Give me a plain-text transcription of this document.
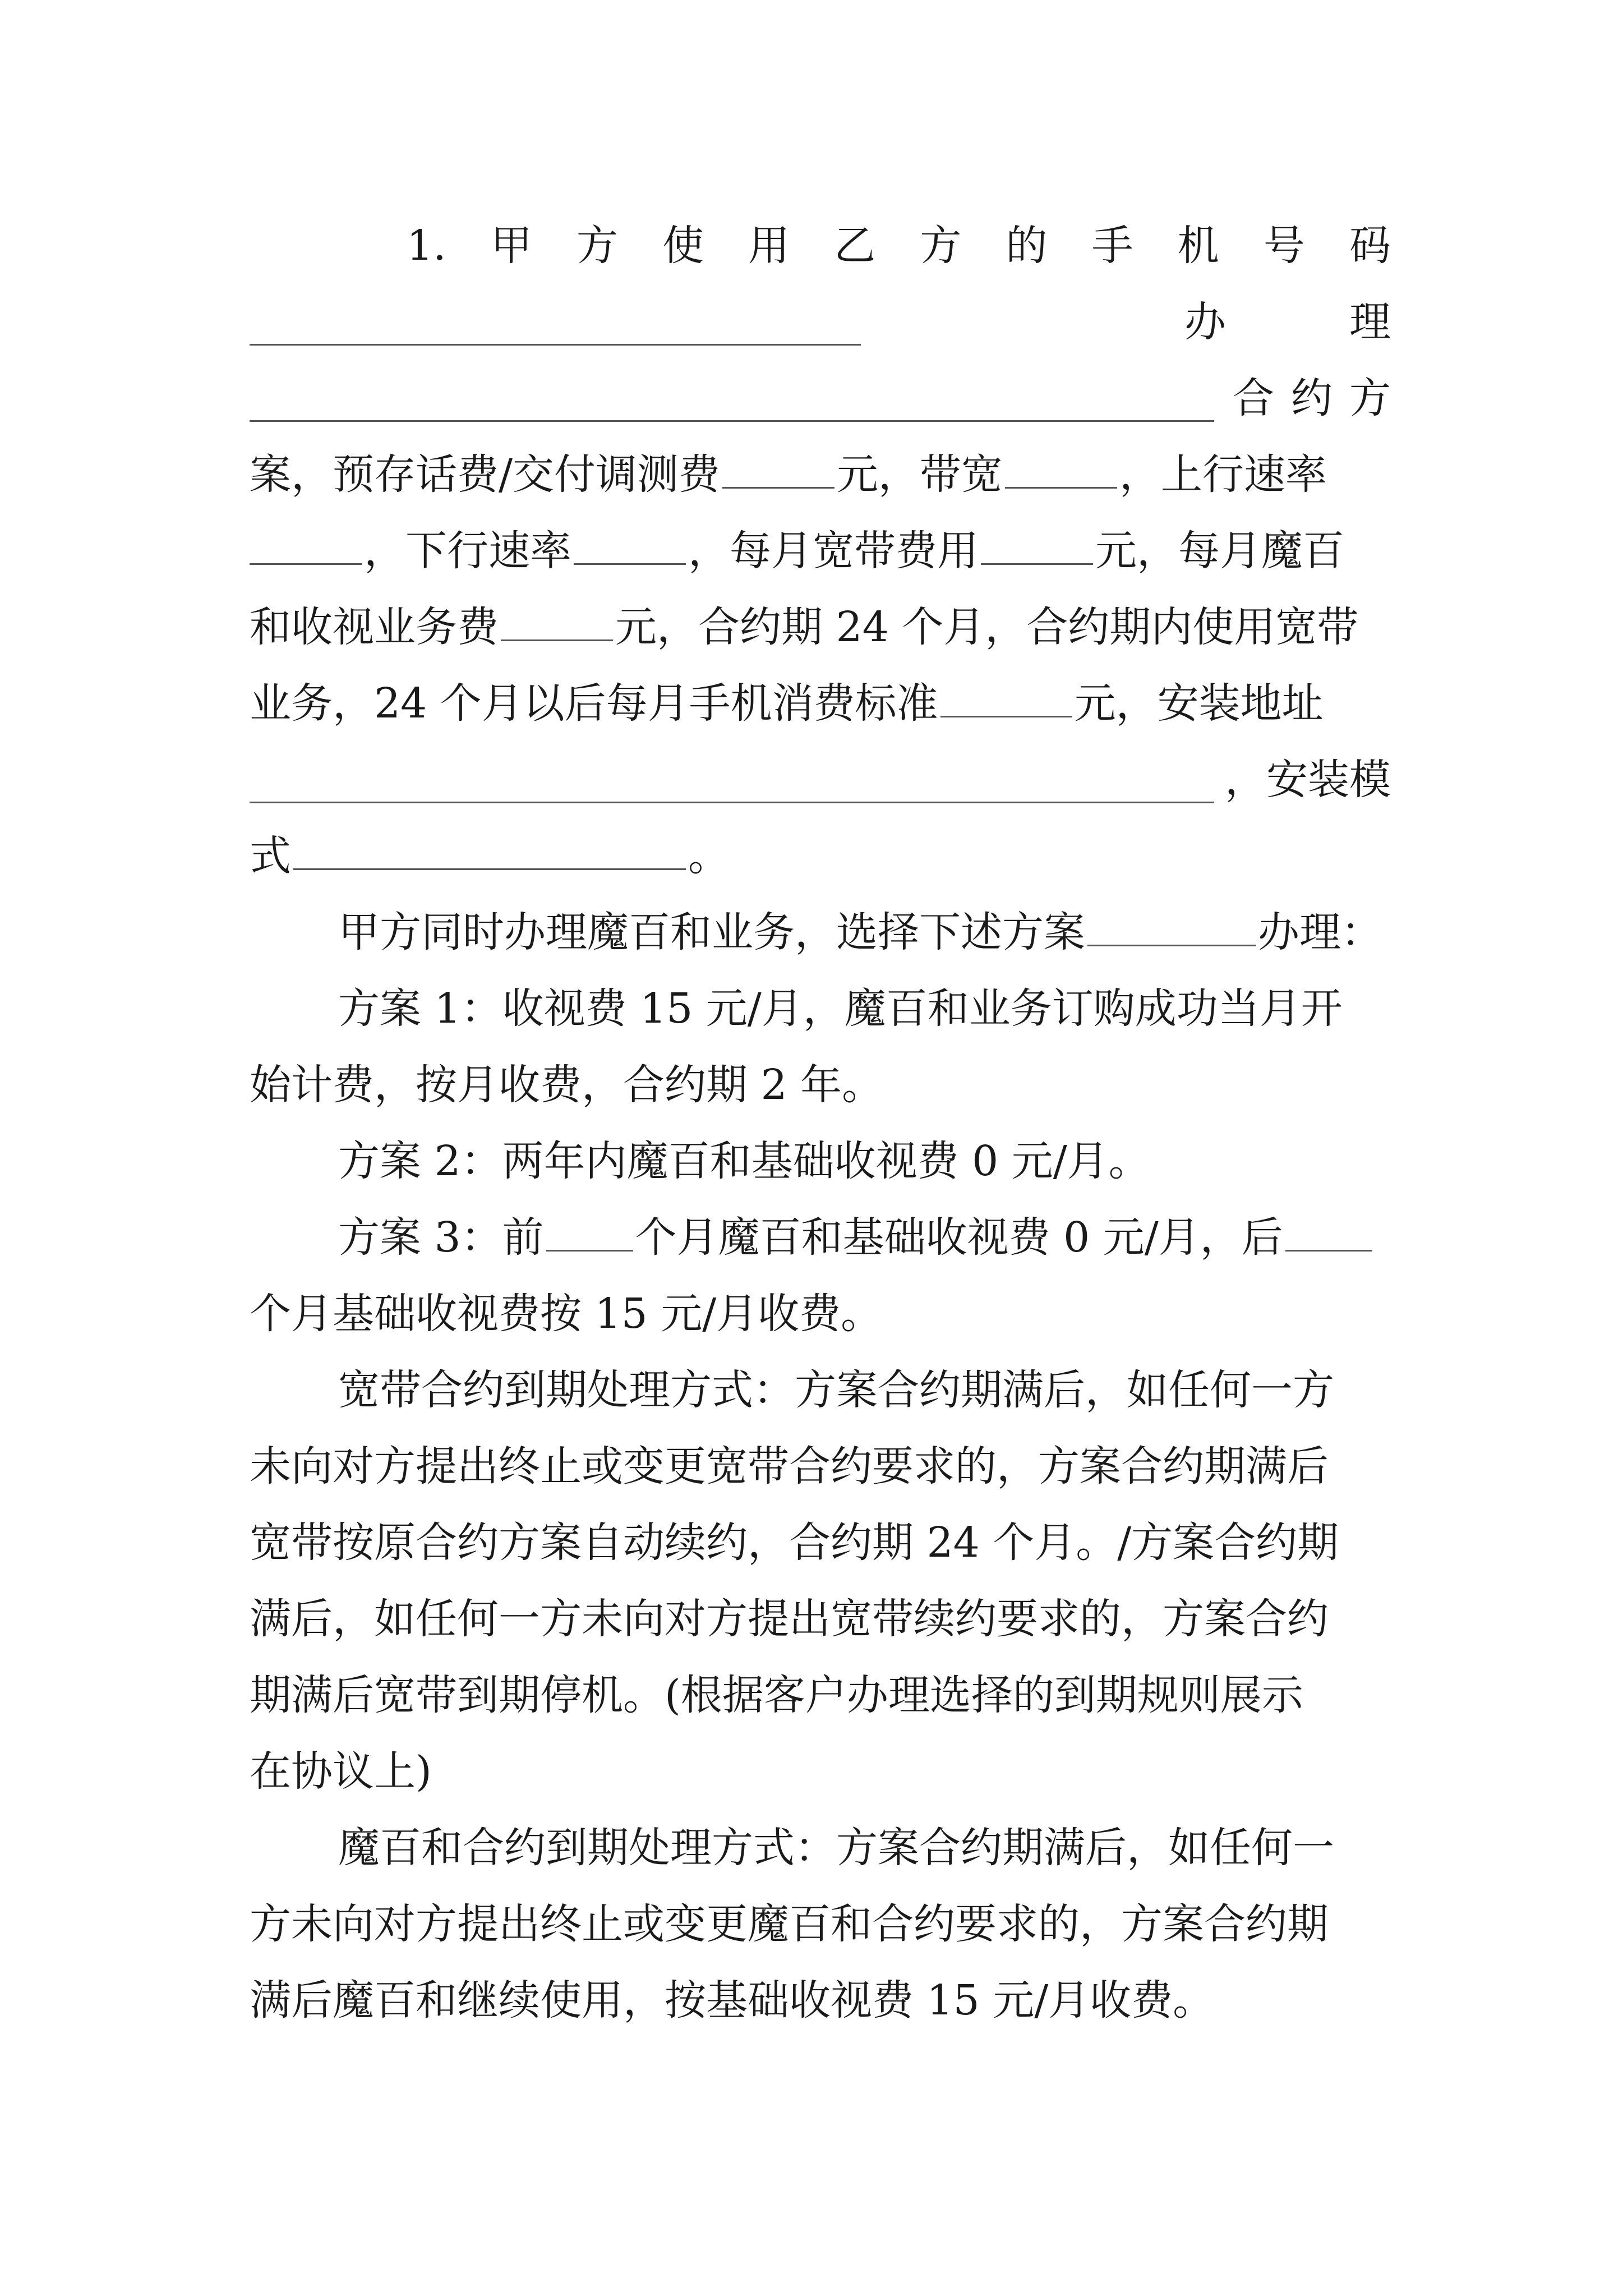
1. 甲 方 使 用 乙 方 的 手 机 号 码
办	理
合 约 方
案，预存话费/交付调测费	元，带宽	，上行速率
，下行速率	，每月宽带费用	元，每月魔百
和收视业务费	元，合约期 24 个月，合约期内使用宽带
业务，24 个月以后每月手机消费标准	元，安装地址
，安装模
式	。
甲方同时办理魔百和业务，选择下述方案	办理：
方案 1：收视费 15 元/月，魔百和业务订购成功当月开
始计费，按月收费，合约期 2 年。
方案 2：两年内魔百和基础收视费 0 元/月。
方案 3：前 个月魔百和基础收视费 0 元/月，后
个月基础收视费按 15 元/月收费。
宽带合约到期处理方式：方案合约期满后，如任何一方
未向对方提出终止或变更宽带合约要求的，方案合约期满后
宽带按原合约方案自动续约，合约期 24 个月。/方案合约期
满后，如任何一方未向对方提出宽带续约要求的，方案合约
期满后宽带到期停机。(根据客户办理选择的到期规则展示
在协议上)
魔百和合约到期处理方式：方案合约期满后，如任何一
方未向对方提出终止或变更魔百和合约要求的，方案合约期
满后魔百和继续使用，按基础收视费 15 元/月收费。
